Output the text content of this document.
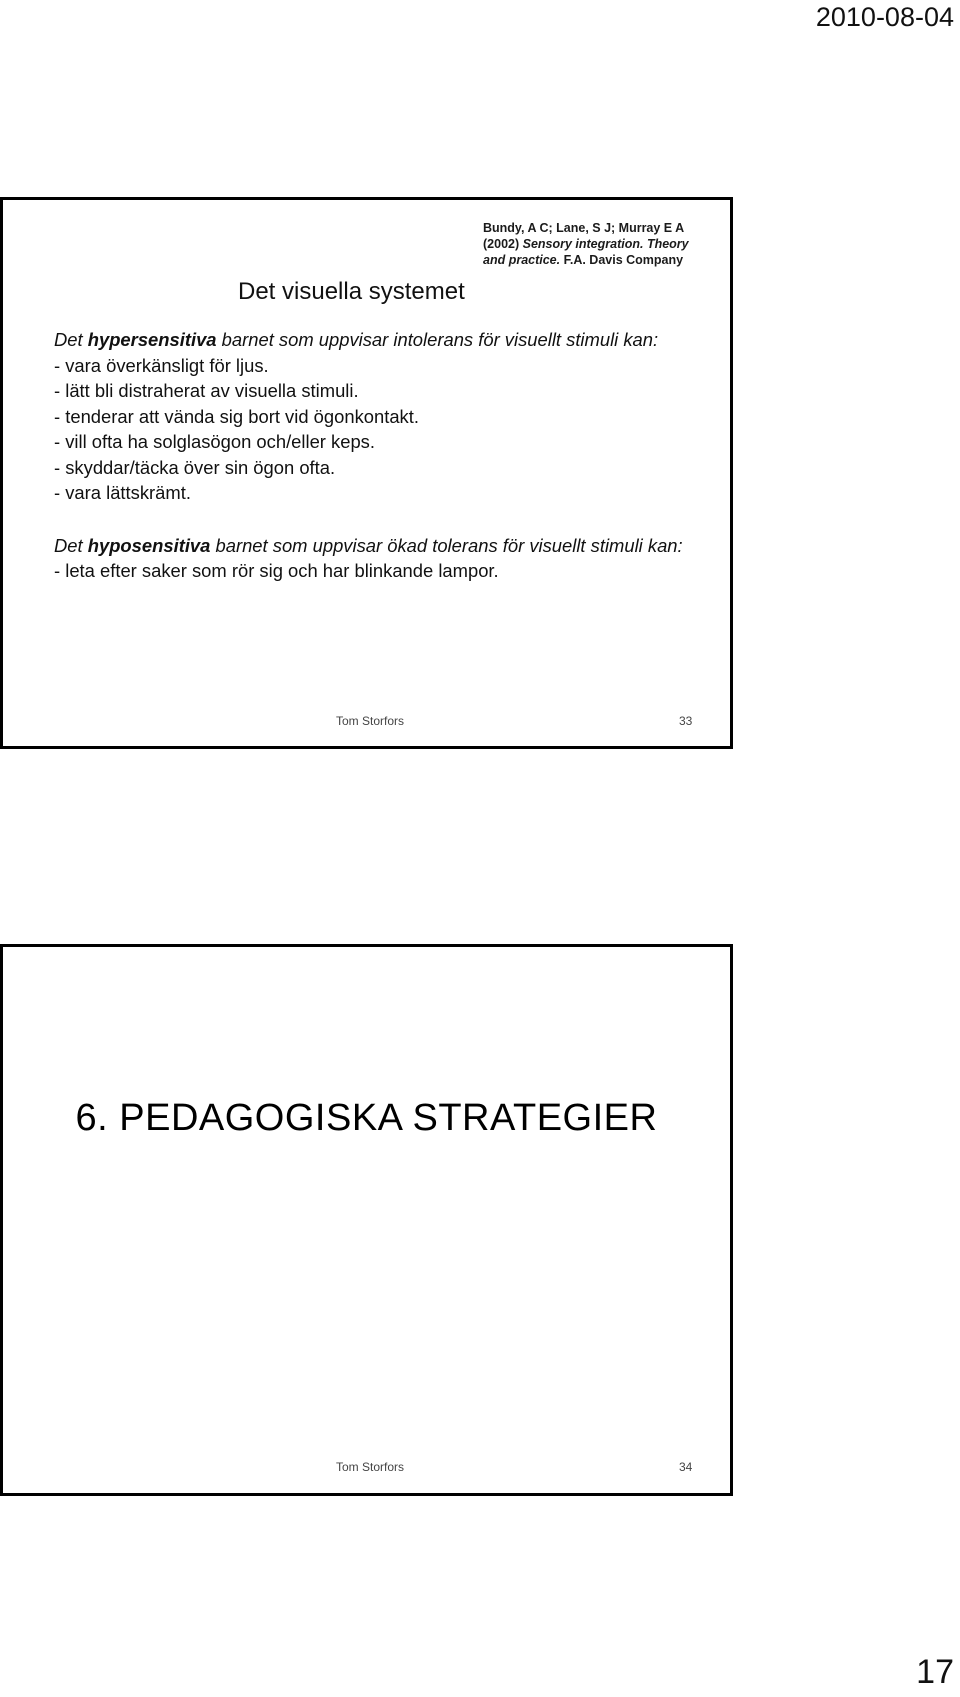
2010-08-04
Bundy, A C; Lane, S J; Murray E A
(2002) Sensory integration. Theory
and practice. F.A. Davis Company
Det visuella systemet

Det hypersensitiva barnet som uppvisar intolerans för visuellt stimuli kan:

- vara överkänsligt för ljus.

- lätt bli distraherat av visuella stimuli.

- tenderar att vända sig bort vid ögonkontakt.

- vill ofta ha solglasögon och/eller keps.

- skyddar/täcka över sin ögon ofta.

- vara lättskrämt.

Det hyposensitiva barnet som uppvisar ökad tolerans för visuellt stimuli kan:

- leta efter saker som rör sig och har blinkande lampor.

Tom Storfors	33
6. PEDAGOGISKA STRATEGIER
Tom Storfors	34
17
